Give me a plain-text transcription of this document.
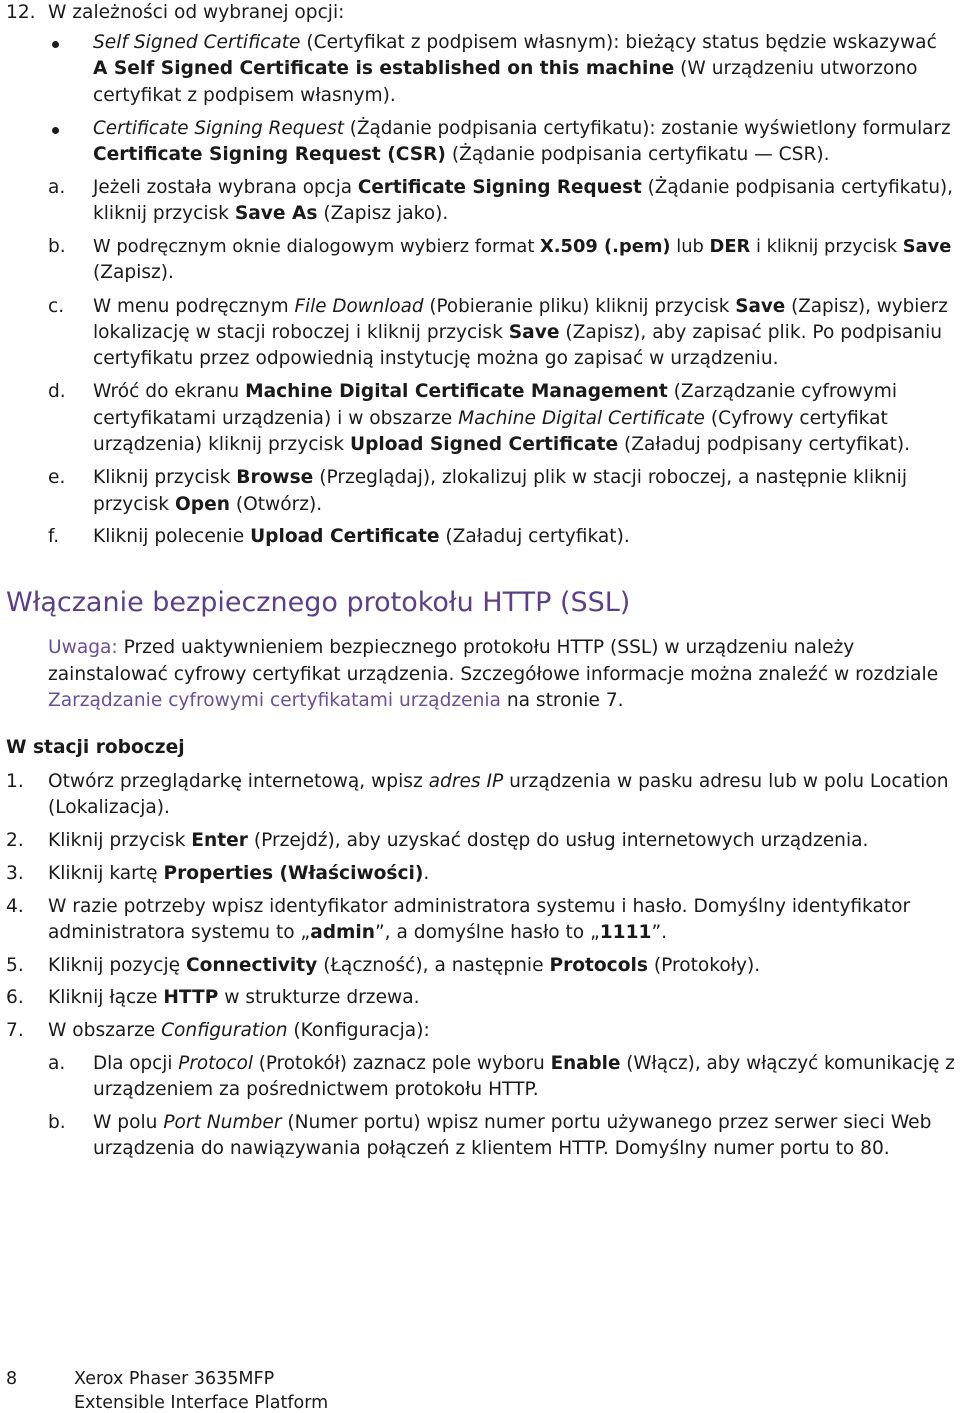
12. W zależności od wybranej opcji:
Self Signed Certificate (Certyfikat z podpisem własnym): bieżący status będzie wskazywać
A Self Signed Certificate is established on this machine (W urządzeniu utworzono
certyfikat z podpisem własnym).
Certificate Signing Request (Żądanie podpisania certyfikatu): zostanie wyświetlony formularz
Certificate Signing Request (CSR) (Żądanie podpisania certyfikatu — CSR).
a. Jeżeli została wybrana opcja Certificate Signing Request (Żądanie podpisania certyfikatu),
kliknij przycisk Save As (Zapisz jako).
b. W podręcznym oknie dialogowym wybierz format X.509 (.pem) lub DER i kliknij przycisk Save
(Zapisz).
c. W menu podręcznym File Download (Pobieranie pliku) kliknij przycisk Save (Zapisz), wybierz
lokalizację w stacji roboczej i kliknij przycisk Save (Zapisz), aby zapisać plik. Po podpisaniu
certyfikatu przez odpowiednią instytucję można go zapisać w urządzeniu.
d. Wróć do ekranu Machine Digital Certificate Management (Zarządzanie cyfrowymi
certyfikatami urządzenia) i w obszarze Machine Digital Certificate (Cyfrowy certyfikat
urządzenia) kliknij przycisk Upload Signed Certificate (Załaduj podpisany certyfikat).
e. Kliknij przycisk Browse (Przeglądaj), zlokalizuj plik w stacji roboczej, a następnie kliknij
przycisk Open (Otwórz).
f. Kliknij polecenie Upload Certificate (Załaduj certyfikat).
Włączanie bezpiecznego protokołu HTTP (SSL)
Uwaga: Przed uaktywnieniem bezpiecznego protokołu HTTP (SSL) w urządzeniu należy
zainstalować cyfrowy certyfikat urządzenia. Szczegółowe informacje można znaleźć w rozdziale
Zarządzanie cyfrowymi certyfikatami urządzenia na stronie 7.
W stacji roboczej
1. Otwórz przeglądarkę internetową, wpisz adres IP urządzenia w pasku adresu lub w polu Location
(Lokalizacja).
2. Kliknij przycisk Enter (Przejdź), aby uzyskać dostęp do usług internetowych urządzenia.
3. Kliknij kartę Properties (Właściwości).
4. W razie potrzeby wpisz identyfikator administratora systemu i hasło. Domyślny identyfikator
administratora systemu to „admin”, a domyślne hasło to „1111”.
5. Kliknij pozycję Connectivity (Łączność), a następnie Protocols (Protokoły).
6. Kliknij łącze HTTP w strukturze drzewa.
7. W obszarze Configuration (Konfiguracja):
a. Dla opcji Protocol (Protokół) zaznacz pole wyboru Enable (Włącz), aby włączyć komunikację z
urządzeniem za pośrednictwem protokołu HTTP.
b. W polu Port Number (Numer portu) wpisz numer portu używanego przez serwer sieci Web
urządzenia do nawiązywania połączeń z klientem HTTP. Domyślny numer portu to 80.
8	Xerox Phaser 3635MFP
Extensible Interface Platform
